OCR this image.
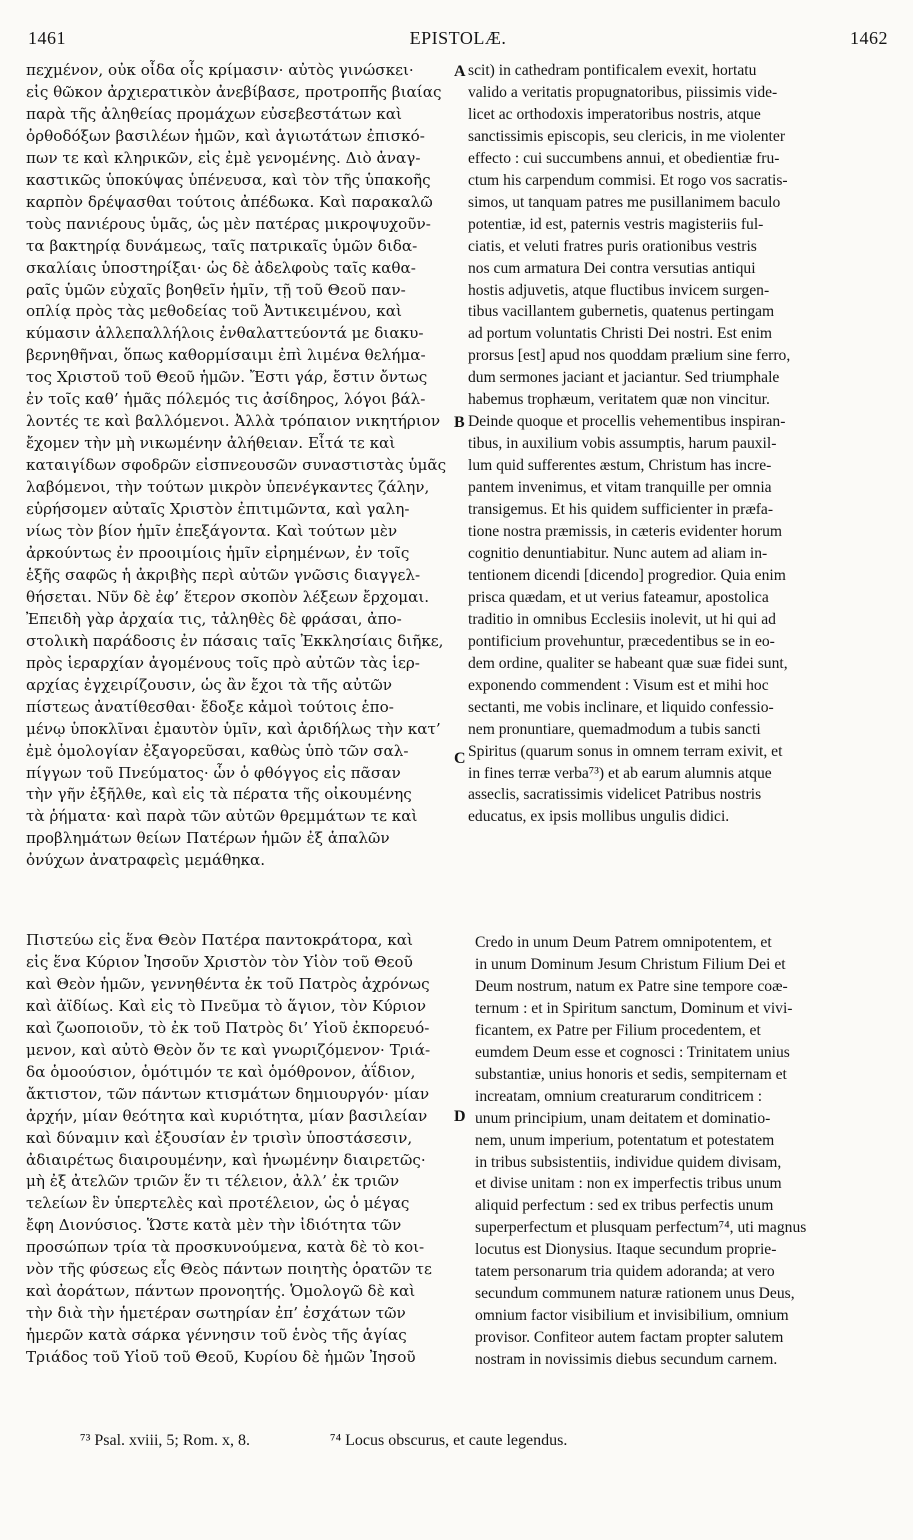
1461	EPISTOLÆ.	1462
πεχμένον, οὐκ οἶδα οἷς κρίμασιν· αὐτὸς γινώσκει·
εἰς θῶκον ἀρχιερατικὸν ἀνεβίβασε, προτροπῆς βιαίας
παρὰ τῆς ἀληθείας προμάχων εὐσεβεστάτων καὶ
ὀρθοδόξων βασιλέων ἡμῶν, καὶ ἁγιωτάτων ἐπισκό-
πων τε καὶ κληρικῶν, εἰς ἐμὲ γενομένης. Διὸ ἀναγ-
καστικῶς ὑποκύψας ὑπένευσα, καὶ τὸν τῆς ὑπακοῆς
καρπὸν δρέψασθαι τούτοις ἀπέδωκα. Καὶ παρακαλῶ
τοὺς πανιέρους ὑμᾶς, ὡς μὲν πατέρας μικροψυχοῦν-
τα βακτηρίᾳ δυνάμεως, ταῖς πατρικαῖς ὑμῶν διδα-
σκαλίαις ὑποστηρίξαι· ὡς δὲ ἀδελφοὺς ταῖς καθα-
ραῖς ὑμῶν εὐχαῖς βοηθεῖν ἡμῖν, τῇ τοῦ Θεοῦ παν-
οπλίᾳ πρὸς τὰς μεθοδείας τοῦ Ἀντικειμένου, καὶ
κύμασιν ἀλλεπαλλήλοις ἐνθαλαττεύοντά με διακυ-
βερνηθῆναι, ὅπως καθορμίσαιμι ἐπὶ λιμένα θελήμα-
τος Χριστοῦ τοῦ Θεοῦ ἡμῶν. Ἔστι γάρ, ἔστιν ὄντως
ἐν τοῖς καθ’ ἡμᾶς πόλεμός τις ἀσίδηρος, λόγοι βάλ-
λοντές τε καὶ βαλλόμενοι. Ἀλλὰ τρόπαιον νικητήριον
ἔχομεν τὴν μὴ νικωμένην ἀλήθειαν. Εἶτά τε καὶ
καταιγίδων σφοδρῶν εἰσπνεουσῶν συναστιστὰς ὑμᾶς
λαβόμενοι, τὴν τούτων μικρὸν ὑπενέγκαντες ζάλην,
εὑρήσομεν αὐταῖς Χριστὸν ἐπιτιμῶντα, καὶ γαλη-
νίως τὸν βίον ἡμῖν ἐπεξάγοντα. Καὶ τούτων μὲν
ἀρκούντως ἐν προοιμίοις ἡμῖν εἰρημένων, ἐν τοῖς
ἑξῆς σαφῶς ἡ ἀκριβὴς περὶ αὐτῶν γνῶσις διαγγελ-
θήσεται. Νῦν δὲ ἐφ’ ἕτερον σκοπὸν λέξεων ἔρχομαι.
Ἐπειδὴ γὰρ ἀρχαία τις, τἀληθὲς δὲ φράσαι, ἀπο-
στολικὴ παράδοσις ἐν πάσαις ταῖς Ἐκκλησίαις διῆκε,
πρὸς ἱεραρχίαν ἀγομένους τοῖς πρὸ αὐτῶν τὰς ἱερ-
αρχίας ἐγχειρίζουσιν, ὡς ἂν ἔχοι τὰ τῆς αὐτῶν
πίστεως ἀνατίθεσθαι· ἔδοξε κἀμοὶ τούτοις ἑπο-
μένῳ ὑποκλῖναι ἐμαυτὸν ὑμῖν, καὶ ἀριδήλως τὴν κατ’
ἐμὲ ὁμολογίαν ἐξαγορεῦσαι, καθὼς ὑπὸ τῶν σαλ-
πίγγων τοῦ Πνεύματος· ὧν ὁ φθόγγος εἰς πᾶσαν
τὴν γῆν ἐξῆλθε, καὶ εἰς τὰ πέρατα τῆς οἰκουμένης
τὰ ῥήματα· καὶ παρὰ τῶν αὐτῶν θρεμμάτων τε καὶ
προβλημάτων θείων Πατέρων ἡμῶν ἐξ ἁπαλῶν
ὀνύχων ἀνατραφεὶς μεμάθηκα.
scit) in cathedram pontificalem evexit, hortatu
valido a veritatis propugnatoribus, piissimis vide-
licet ac orthodoxis imperatoribus nostris, atque
sanctissimis episcopis, seu clericis, in me violenter
effecto : cui succumbens annui, et obedientiæ fru-
ctum his carpendum commisi. Et rogo vos sacratis-
simos, ut tanquam patres me pusillanimem baculo
potentiæ, id est, paternis vestris magisteriis ful-
ciatis, et veluti fratres puris orationibus vestris
nos cum armatura Dei contra versutias antiqui
hostis adjuvetis, atque fluctibus invicem surgen-
tibus vacillantem gubernetis, quatenus pertingam
ad portum voluntatis Christi Dei nostri. Est enim
prorsus [est] apud nos quoddam prælium sine ferro,
dum sermones jaciant et jaciantur. Sed triumphale
habemus trophæum, veritatem quæ non vincitur.
Deinde quoque et procellis vehementibus inspiran-
tibus, in auxilium vobis assumptis, harum pauxil-
lum quid sufferentes æstum, Christum has incre-
pantem invenimus, et vitam tranquille per omnia
transigemus. Et his quidem sufficienter in præfa-
tione nostra præmissis, in cæteris evidenter horum
cognitio denuntiabitur. Nunc autem ad aliam in-
tentionem dicendi [dicendo] progredior. Quia enim
prisca quædam, et ut verius fateamur, apostolica
traditio in omnibus Ecclesiis inolevit, ut hi qui ad
pontificium provehuntur, præcedentibus se in eo-
dem ordine, qualiter se habeant quæ suæ fidei sunt,
exponendo commendent : Visum est et mihi hoc
sectanti, me vobis inclinare, et liquido confessio-
nem pronuntiare, quemadmodum a tubis sancti
Spiritus (quarum sonus in omnem terram exivit, et
in fines terræ verba⁷³) et ab earum alumnis atque
asseclis, sacratissimis videlicet Patribus nostris
educatus, ex ipsis mollibus ungulis didici.
Πιστεύω εἰς ἕνα Θεὸν Πατέρα παντοκράτορα, καὶ
εἰς ἕνα Κύριον Ἰησοῦν Χριστὸν τὸν Υἱὸν τοῦ Θεοῦ
καὶ Θεὸν ἡμῶν, γεννηθέντα ἐκ τοῦ Πατρὸς ἀχρόνως
καὶ ἀϊδίως. Καὶ εἰς τὸ Πνεῦμα τὸ ἅγιον, τὸν Κύριον
καὶ ζωοποιοῦν, τὸ ἐκ τοῦ Πατρὸς δι’ Υἱοῦ ἐκπορευό-
μενον, καὶ αὐτὸ Θεὸν ὄν τε καὶ γνωριζόμενον· Τριά-
δα ὁμοούσιον, ὁμότιμόν τε καὶ ὁμόθρονον, ἀΐδιον,
ἄκτιστον, τῶν πάντων κτισμάτων δημιουργόν· μίαν
ἀρχήν, μίαν θεότητα καὶ κυριότητα, μίαν βασιλείαν
καὶ δύναμιν καὶ ἐξουσίαν ἐν τρισὶν ὑποστάσεσιν,
ἀδιαιρέτως διαιρουμένην, καὶ ἡνωμένην διαιρετῶς·
μὴ ἐξ ἀτελῶν τριῶν ἕν τι τέλειον, ἀλλ’ ἐκ τριῶν
τελείων ἓν ὑπερτελὲς καὶ προτέλειον, ὡς ὁ μέγας
ἔφη Διονύσιος. Ὥστε κατὰ μὲν τὴν ἰδιότητα τῶν
προσώπων τρία τὰ προσκυνούμενα, κατὰ δὲ τὸ κοι-
νὸν τῆς φύσεως εἷς Θεὸς πάντων ποιητὴς ὁρατῶν τε
καὶ ἀοράτων, πάντων προνοητής. Ὁμολογῶ δὲ καὶ
τὴν διὰ τὴν ἡμετέραν σωτηρίαν ἐπ’ ἐσχάτων τῶν
ἡμερῶν κατὰ σάρκα γέννησιν τοῦ ἑνὸς τῆς ἁγίας
Τριάδος τοῦ Υἱοῦ τοῦ Θεοῦ, Κυρίου δὲ ἡμῶν Ἰησοῦ
Credo in unum Deum Patrem omnipotentem, et
in unum Dominum Jesum Christum Filium Dei et
Deum nostrum, natum ex Patre sine tempore coæ-
ternum : et in Spiritum sanctum, Dominum et vivi-
ficantem, ex Patre per Filium procedentem, et
eumdem Deum esse et cognosci : Trinitatem unius
substantiæ, unius honoris et sedis, sempiternam et
increatam, omnium creaturarum conditricem :
unum principium, unam deitatem et dominatio-
nem, unum imperium, potentatum et potestatem
in tribus subsistentiis, individue quidem divisam,
et divise unitam : non ex imperfectis tribus unum
aliquid perfectum : sed ex tribus perfectis unum
superperfectum et plusquam perfectum⁷⁴, uti magnus
locutus est Dionysius. Itaque secundum proprie-
tatem personarum tria quidem adoranda; at vero
secundum communem naturæ rationem unus Deus,
omnium factor visibilium et invisibilium, omnium
provisor. Confiteor autem factam propter salutem
nostram in novissimis diebus secundum carnem.
A
B
C
D
⁷³ Psal. xviii, 5; Rom. x, 8.	⁷⁴ Locus obscurus, et caute legendus.
